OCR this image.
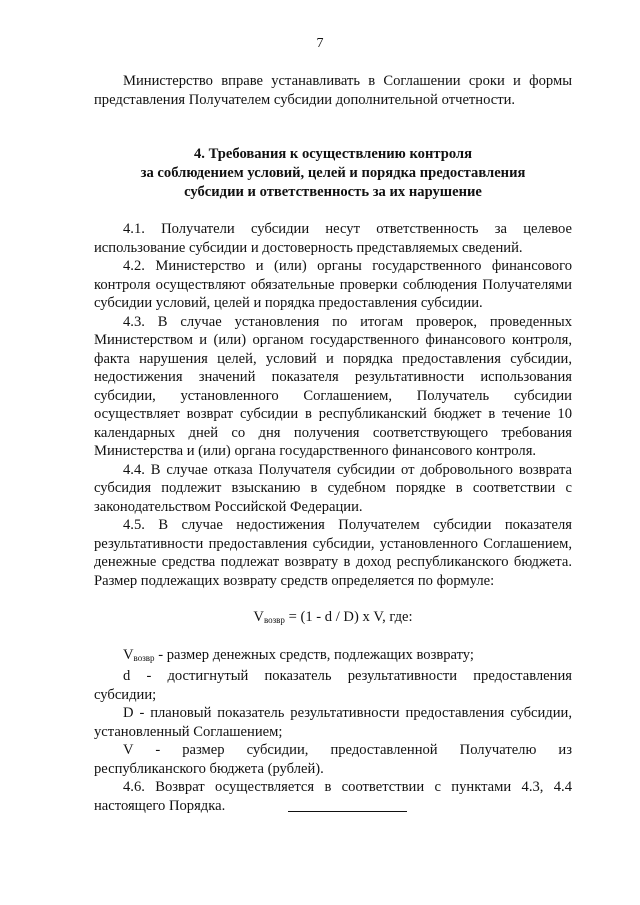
7

Министерство вправе устанавливать в Соглашении сроки и формы представления Получателем субсидии дополнительной отчетности.

4. Требования к осуществлению контроля
за соблюдением условий, целей и порядка предоставления
субсидии и ответственность за их нарушение

4.1. Получатели субсидии несут ответственность за целевое использование субсидии и достоверность представляемых сведений.

4.2. Министерство и (или) органы государственного финансового контроля осуществляют обязательные проверки соблюдения Получателями субсидии условий, целей и порядка предоставления субсидии.

4.3. В случае установления по итогам проверок, проведенных Министерством и (или) органом государственного финансового контроля, факта нарушения целей, условий и порядка предоставления субсидии, недостижения значений показателя результативности использования субсидии, установленного Соглашением, Получатель субсидии осуществляет возврат субсидии в республиканский бюджет в течение 10 календарных дней со дня получения соответствующего требования Министерства и (или) органа государственного финансового контроля.

4.4. В случае отказа Получателя субсидии от добровольного возврата субсидия подлежит взысканию в судебном порядке в соответствии с законодательством Российской Федерации.

4.5. В случае недостижения Получателем субсидии показателя результативности предоставления субсидии, установленного Соглашением, денежные средства подлежат возврату в доход республиканского бюджета. Размер подлежащих возврату средств определяется по формуле:

$V_{возвр} = (1 - d / D)$ х V, где:

$V_{возвр}$ - размер денежных средств, подлежащих возврату;

d - достигнутый показатель результативности предоставления субсидии;

D - плановый показатель результативности предоставления субсидии, установленный Соглашением;

V - размер субсидии, предоставленной Получателю из республиканского бюджета (рублей).

4.6. Возврат осуществляется в соответствии с пунктами 4.3, 4.4 настоящего Порядка.
